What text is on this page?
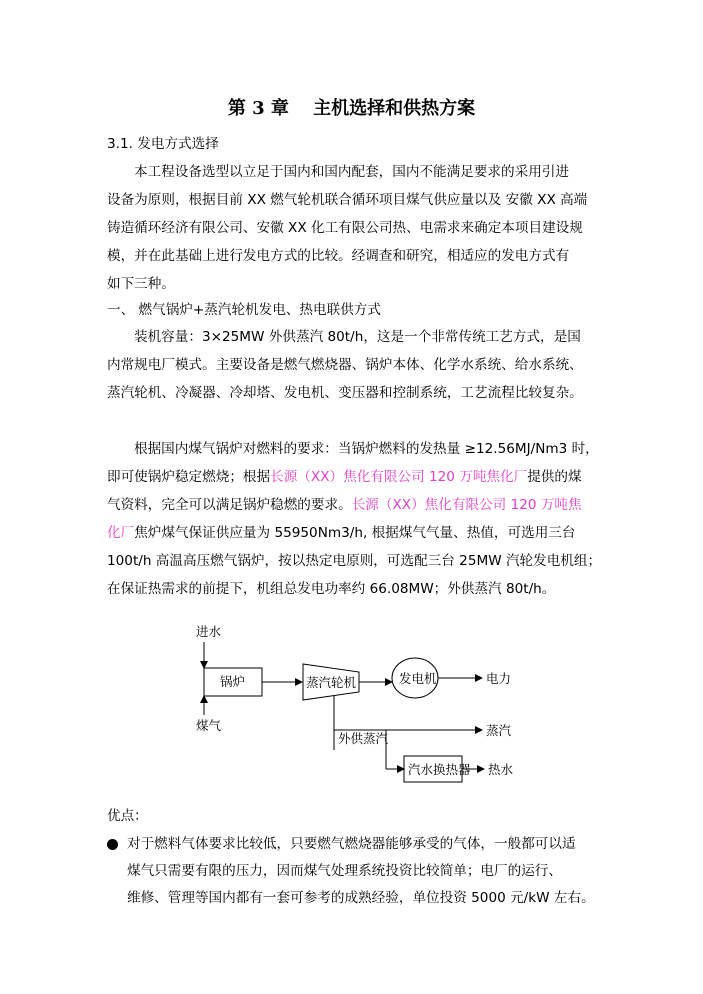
第 3 章　 主机选择和供热方案
3.1. 发电方式选择
本工程设备选型以立足于国内和国内配套，国内不能满足要求的采用引进
设备为原则，根据目前 XX 燃气轮机联合循环项目煤气供应量以及 安徽 XX 高端
铸造循环经济有限公司、安徽 XX 化工有限公司热、电需求来确定本项目建设规
模，并在此基础上进行发电方式的比较。经调查和研究，相适应的发电方式有
如下三种。
一、 燃气锅炉+蒸汽轮机发电、热电联供方式
装机容量：3×25MW 外供蒸汽 80t/h，这是一个非常传统工艺方式，是国
内常规电厂模式。主要设备是燃气燃烧器、锅炉本体、化学水系统、给水系统、
蒸汽轮机、冷凝器、冷却塔、发电机、变压器和控制系统，工艺流程比较复杂。
根据国内煤气锅炉对燃料的要求：当锅炉燃料的发热量 ≥12.56MJ/Nm3 时，
即可使锅炉稳定燃烧；根据长源（XX）焦化有限公司 120 万吨焦化厂提供的煤
气资料，完全可以满足锅炉稳燃的要求。长源（XX）焦化有限公司 120 万吨焦
化厂焦炉煤气保证供应量为 55950Nm3/h, 根据煤气气量、热值，可选用三台
100t/h 高温高压燃气锅炉，按以热定电原则，可选配三台 25MW 汽轮发电机组；
在保证热需求的前提下，机组总发电功率约 66.08MW；外供蒸汽 80t/h。
进水
锅炉
煤气
蒸汽轮机	发电机	电力
外供蒸汽
蒸汽
汽水换热器 热水
优点：
对于燃料气体要求比较低，只要燃气燃烧器能够承受的气体，一般都可以适
煤气只需要有限的压力，因而煤气处理系统投资比较简单；电厂的运行、
维修、管理等国内都有一套可参考的成熟经验，单位投资 5000 元/kW 左右。
